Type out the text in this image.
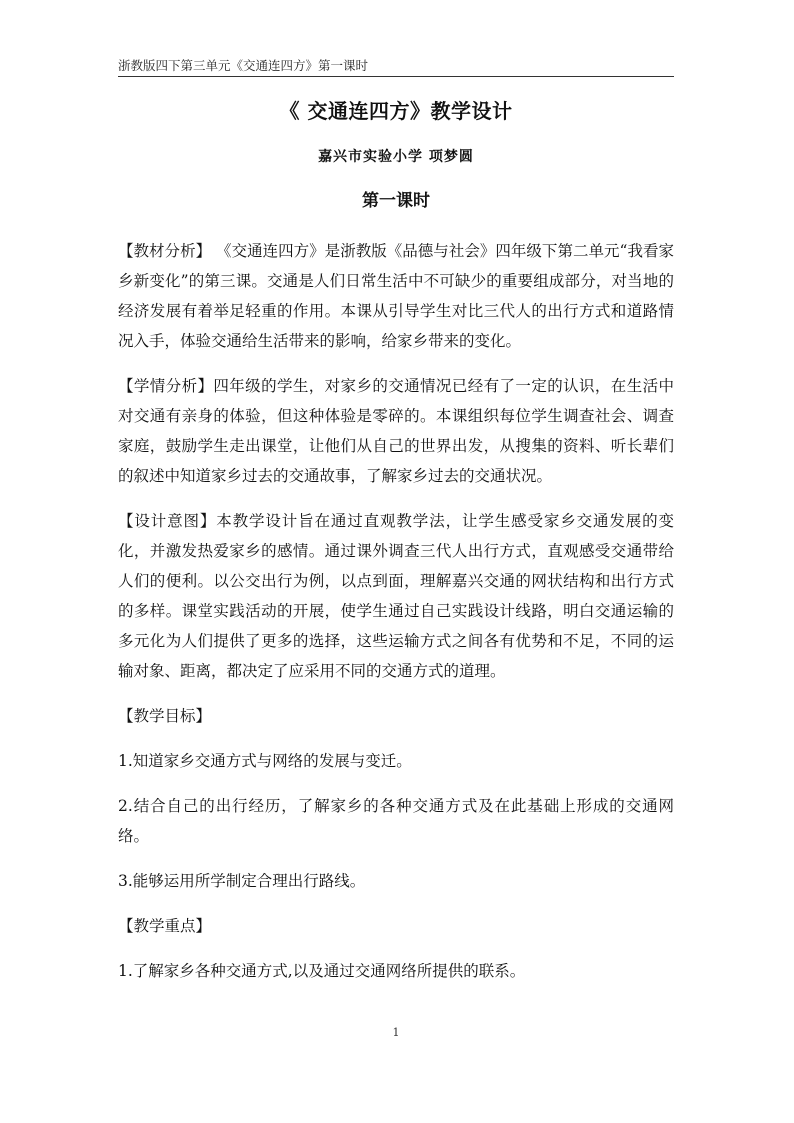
浙教版四下第三单元《交通连四方》第一课时
《 交通连四方》教学设计
嘉兴市实验小学 项梦圆
第一课时

【教材分析】 《交通连四方》是浙教版《品德与社会》四年级下第二单元“我看家乡新变化”的第三课。交通是人们日常生活中不可缺少的重要组成部分，对当地的经济发展有着举足轻重的作用。本课从引导学生对比三代人的出行方式和道路情况入手，体验交通给生活带来的影响，给家乡带来的变化。

【学情分析】四年级的学生，对家乡的交通情况已经有了一定的认识，在生活中对交通有亲身的体验，但这种体验是零碎的。本课组织每位学生调查社会、调查家庭，鼓励学生走出课堂，让他们从自己的世界出发，从搜集的资料、听长辈们的叙述中知道家乡过去的交通故事，了解家乡过去的交通状况。

【设计意图】本教学设计旨在通过直观教学法，让学生感受家乡交通发展的变化，并激发热爱家乡的感情。通过课外调查三代人出行方式，直观感受交通带给人们的便利。以公交出行为例，以点到面，理解嘉兴交通的网状结构和出行方式的多样。课堂实践活动的开展，使学生通过自己实践设计线路，明白交通运输的多元化为人们提供了更多的选择，这些运输方式之间各有优势和不足，不同的运输对象、距离，都决定了应采用不同的交通方式的道理。

【教学目标】

1.知道家乡交通方式与网络的发展与变迁。

2.结合自己的出行经历，了解家乡的各种交通方式及在此基础上形成的交通网络。

3.能够运用所学制定合理出行路线。

【教学重点】

1.了解家乡各种交通方式,以及通过交通网络所提供的联系。

1
